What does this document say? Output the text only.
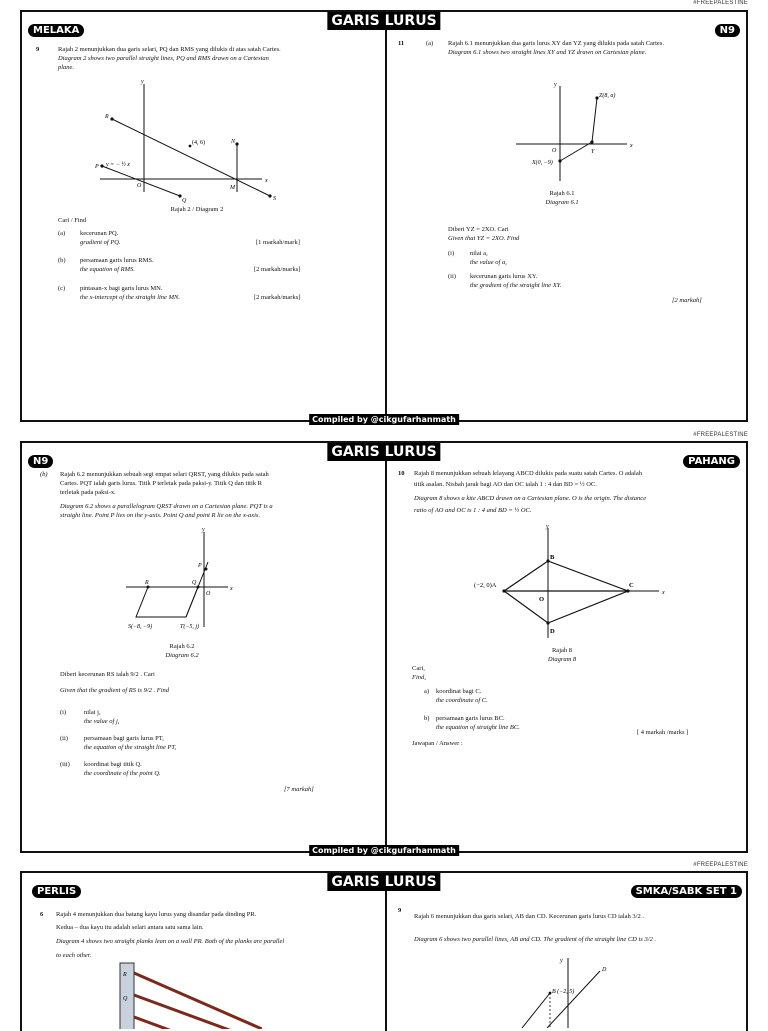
#FREEPALESTINE
GARIS LURUS
MELAKA	N9
9	Rajah 2 menunjukkan dua garis selari, PQ dan RMS yang dilukis di atas satah Cartes.
Diagram 2 shows two parallel straight lines, PQ and RMS drawn on a Cartesian
plane.
y
x
R
N
P
Q	S
M
O
(4, 6)
y = − ½ x
Rajah 2 / Diagram 2
Cari / Find
(a) kecerunan PQ.
gradient of PQ.	[1 markah/mark]
(b) persamaan garis lurus RMS.
the equation of RMS.	[2 markah/marks]
(c) pintasan-x bagi garis lurus MN.
the x-intercept of the straight line MN.	[2 markah/marks]
11	(a) Rajah 6.1 menunjukkan dua garis lurus XY dan YZ yang dilukis pada satah Cartes.
Diagram 6.1 shows two straight lines XY and YZ drawn on Cartesian plane.
y
x
O
Z(8, a)
X(0, −9)
Y
Rajah 6.1
Diagram 6.1
Diberi YZ = 2XO. Cari
Given that YZ = 2XO. Find
(i) nilai a,
the value of a,
(ii) kecerunan garis lurus XY.
the gradient of the straight line XY.
[2 markah]
Compiled by @cikgufarhanmath
#FREEPALESTINE
GARIS LURUS
N9	PAHANG
(b) Rajah 6.2 menunjukkan sebuah segi empat selari QRST, yang dilukis pada satah
Cartes. PQT ialah garis lurus. Titik P terletak pada paksi-y. Titik Q dan titik R
terletak pada paksi-x.
Diagram 6.2 shows a parallelogram QRST drawn on a Cartesian plane. PQT is a
straight line. Point P lies on the y-axis. Point Q and point R lie on the x-axis.
y
x
P
R	Q
O
S(−8, −9)	T(−5, j)
Rajah 6.2
Diagram 6.2
Diberi kecerunan RS ialah 9/2 . Cari
Given that the gradient of RS is 9/2 . Find
(i)	nilai j,
the value of j,
(ii) persamaan bagi garis lurus PT,
the equation of the straight line PT,
(iii) koordinat bagi titik Q.
the coordinate of the point Q.
[7 markah]
10 Rajah 8 menunjukkan sebuah lelayang ABCD dilukis pada suatu satah Cartes. O adalah
titik asalan. Nisbah jarak bagi AO dan OC ialah 1 : 4 dan BD = ½ OC.
Diagram 8 shows a kite ABCD drawn on a Cartesian plane. O is the origin. The distance
ratio of AO and OC is 1 : 4 and BD = ½ OC.
y
x
(−2, 0)A
B
C
D
O
Rajah 8
Diagram 8
Cari,
Find,
a) koordinat bagi C.
the coordinate of C.
b) persamaan garis lurus BC.
the equation of straight line BC.
[ 4 markah /marks ]
Jawapan / Answer :
Compiled by @cikgufarhanmath
#FREEPALESTINE
GARIS LURUS
PERLIS	SMKA/SABK SET 1
6 Rajah 4 menunjukkan dua batang kayu lurus yang disandar pada dinding PR.
Kedua – dua kayu itu adalah selari antara satu sama lain.
Diagram 4 shows two straight planks lean on a wall PR. Both of the planks are parallel
to each other.
R
Q
9
Rajah 6 menunjukkan dua garis selari, AB dan CD. Kecerunan garis lurus CD ialah 3/2 .
Diagram 6 shows two parallel lines, AB and CD. The gradient of the straight line CD is 3/2 .
y
D
B (−2, 5)
